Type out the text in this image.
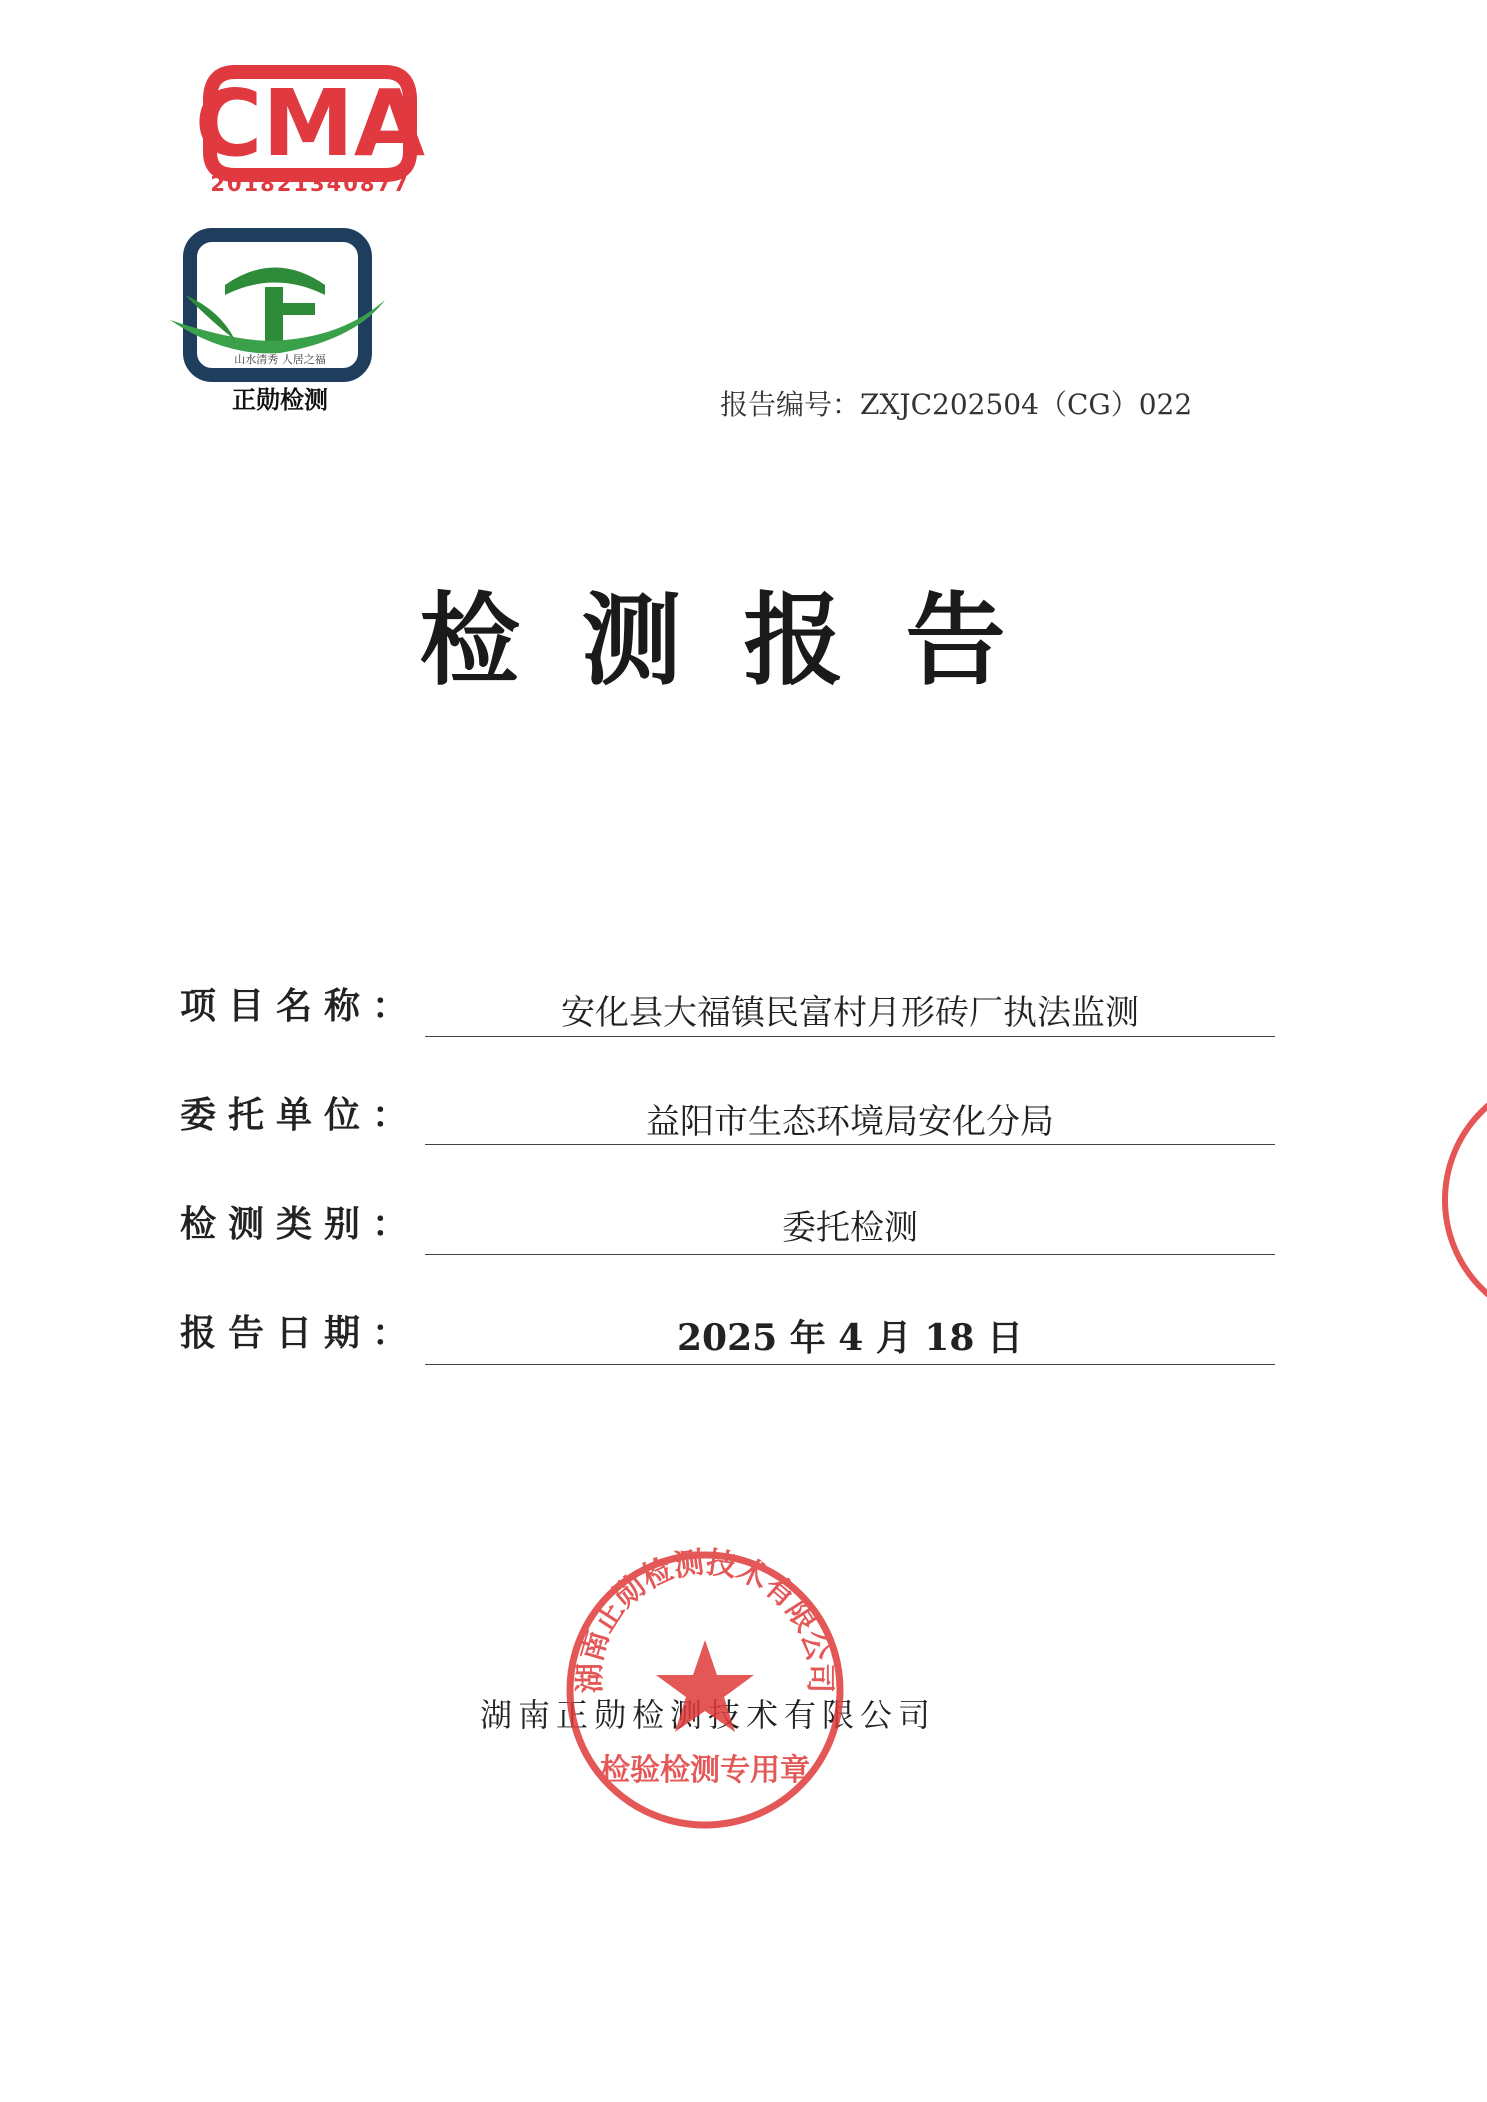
CMA
201821340877
山水清秀 人居之福
正勋检测	报告编号：ZXJC202504（CG）022
检测报告
项目名称：	安化县大福镇民富村月形砖厂执法监测
委托单位：	益阳市生态环境局安化分局
检测类别：	委托检测
报告日期：	2025 年 4 月 18 日
湖南正勋检测技术有限公司
湖南正勋检测技术有限公司
检验检测专用章
